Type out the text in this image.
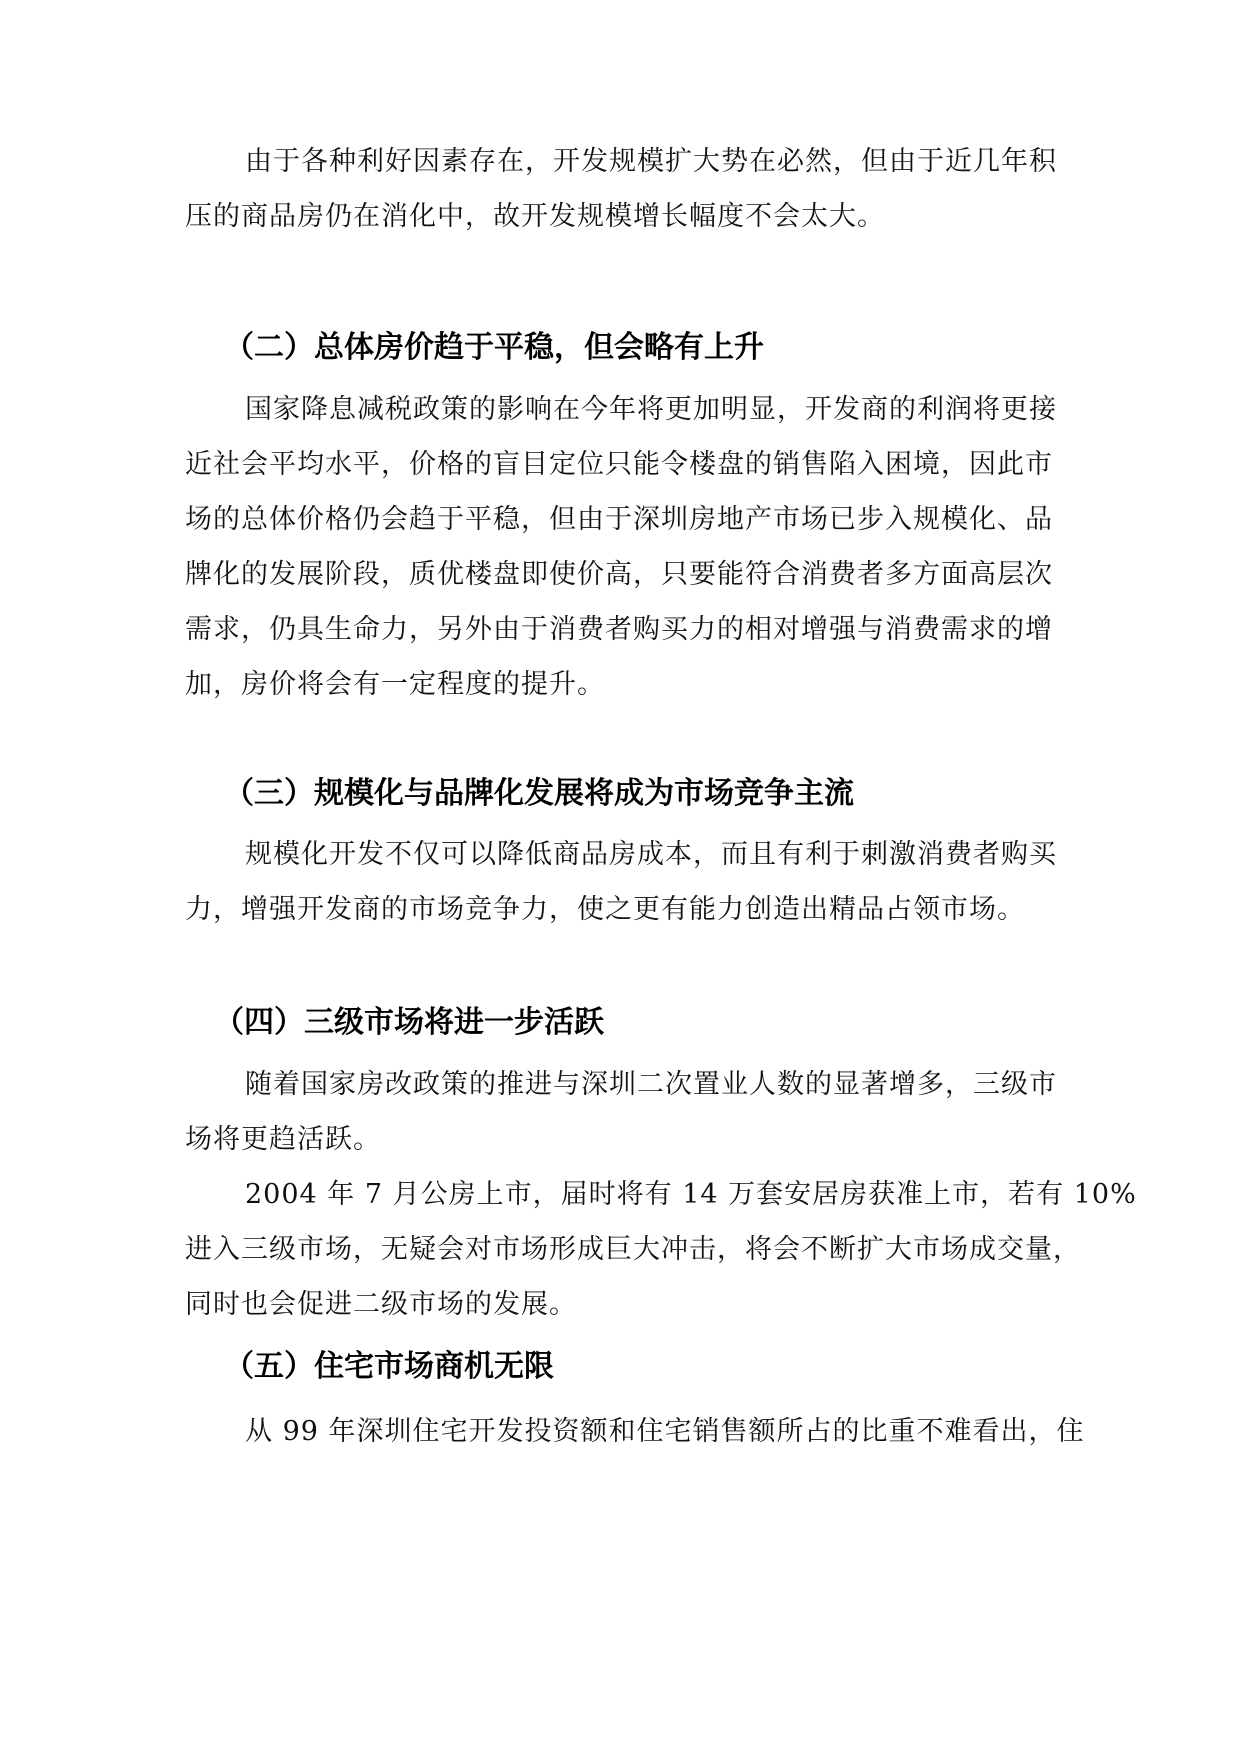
由于各种利好因素存在，开发规模扩大势在必然，但由于近几年积
压的商品房仍在消化中，故开发规模增长幅度不会太大。
（二）总体房价趋于平稳，但会略有上升
国家降息减税政策的影响在今年将更加明显，开发商的利润将更接
近社会平均水平，价格的盲目定位只能令楼盘的销售陷入困境，因此市
场的总体价格仍会趋于平稳，但由于深圳房地产市场已步入规模化、品
牌化的发展阶段，质优楼盘即使价高，只要能符合消费者多方面高层次
需求，仍具生命力，另外由于消费者购买力的相对增强与消费需求的增
加，房价将会有一定程度的提升。
（三）规模化与品牌化发展将成为市场竞争主流
规模化开发不仅可以降低商品房成本，而且有利于刺激消费者购买
力，增强开发商的市场竞争力，使之更有能力创造出精品占领市场。
（四）三级市场将进一步活跃
随着国家房改政策的推进与深圳二次置业人数的显著增多，三级市
场将更趋活跃。
2004 年 7 月公房上市，届时将有 14 万套安居房获准上市，若有 10%
进入三级市场，无疑会对市场形成巨大冲击，将会不断扩大市场成交量，
同时也会促进二级市场的发展。
（五）住宅市场商机无限
从 99 年深圳住宅开发投资额和住宅销售额所占的比重不难看出，住
